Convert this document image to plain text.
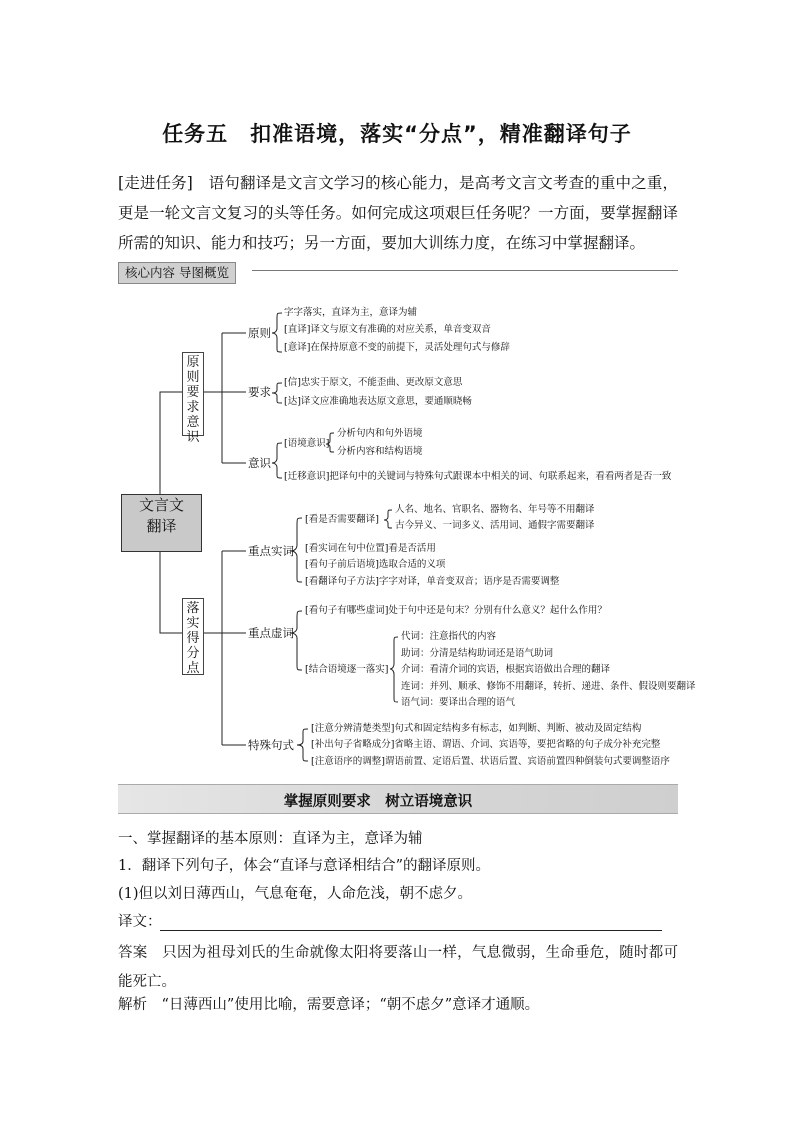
任务五　扣准语境，落实“分点”，精准翻译句子
[走进任务]　语句翻译是文言文学习的核心能力，是高考文言文考查的重中之重，更是一轮文言文复习的头等任务。如何完成这项艰巨任务呢？一方面，要掌握翻译所需的知识、能力和技巧；另一方面，要加大训练力度，在练习中掌握翻译。
核心内容 导图概览
文言文
翻译
原则要求意识
落实得分点
原则
要求
意识
重点实词
重点虚词
特殊句式
字字落实，直译为主，意译为辅
[直译]译文与原文有准确的对应关系，单音变双音
[意译]在保持原意不变的前提下，灵活处理句式与修辞
[信]忠实于原文，不能歪曲、更改原文意思
[达]译文应准确地表达原文意思，要通顺晓畅
[语境意识]
分析句内和句外语境
分析内容和结构语境
[迁移意识]把译句中的关键词与特殊句式跟课本中相关的词、句联系起来，看看两者是否一致
[看是否需要翻译]
人名、地名、官职名、器物名、年号等不用翻译
古今异义、一词多义、活用词、通假字需要翻译
[看实词在句中位置]看是否活用
[看句子前后语境]选取合适的义项
[看翻译句子方法]字字对译，单音变双音；语序是否需要调整
[看句子有哪些虚词]处于句中还是句末？分别有什么意义？起什么作用？
[结合语境逐一落实]
代词：注意指代的内容
助词：分清是结构助词还是语气助词
介词：看清介词的宾语，根据宾语做出合理的翻译
连词：并列、顺承、修饰不用翻译，转折、递进、条件、假设则要翻译
语气词：要译出合理的语气
[注意分辨清楚类型]句式和固定结构多有标志，如判断、判断、被动及固定结构
[补出句子省略成分]省略主语、谓语、介词、宾语等，要把省略的句子成分补充完整
[注意语序的调整]谓语前置、定语后置、状语后置、宾语前置四种倒装句式要调整语序
掌握原则要求　树立语境意识
一、掌握翻译的基本原则：直译为主，意译为辅
1．翻译下列句子，体会“直译与意译相结合”的翻译原则。
(1)但以刘日薄西山，气息奄奄，人命危浅，朝不虑夕。
译文：
答案　只因为祖母刘氏的生命就像太阳将要落山一样，气息微弱，生命垂危，随时都可能死亡。
解析　“日薄西山”使用比喻，需要意译；“朝不虑夕”意译才通顺。
